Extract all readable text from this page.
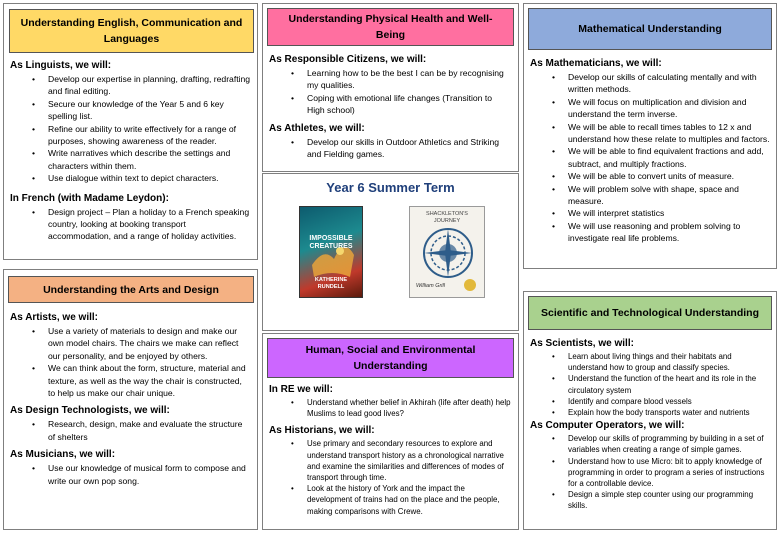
Understanding English, Communication and Languages
As Linguists, we will:
• Develop our expertise in planning, drafting, redrafting and final editing.
• Secure our knowledge of the Year 5 and 6 key spelling list.
• Refine our ability to write effectively for a range of purposes, showing awareness of the reader.
• Write narratives which describe the settings and characters within them.
• Use dialogue within text to depict characters.
In French (with Madame Leydon):
• Design project – Plan a holiday to a French speaking country, looking at booking transport accommodation, and a range of holiday activities.
Understanding Physical Health and Well-Being
As Responsible Citizens, we will:
• Learning how to be the best I can be by recognising my qualities.
• Coping with emotional life changes (Transition to High school)
As Athletes, we will:
• Develop our skills in Outdoor Athletics and Striking and Fielding games.
Year 6 Summer Term
IMPOSSIBLE CREATURES
KATHERINE RUNDELL
SHACKLETON'S JOURNEY
William Grill
Mathematical Understanding
As Mathematicians, we will:
• Develop our skills of calculating mentally and with written methods.
• We will focus on multiplication and division and understand the term inverse.
• We will be able to recall times tables to 12 x and understand how these relate to multiples and factors.
• We will be able to find equivalent fractions and add, subtract, and multiply fractions.
• We will be able to convert units of measure.
• We will problem solve with shape, space and measure.
• We will interpret statistics
• We will use reasoning and problem solving to investigate real life problems.
Understanding the Arts and Design
As Artists, we will:
• Use a variety of materials to design and make our own model chairs. The chairs we make can reflect our personality, and be enjoyed by others.
• We can think about the form, structure, material and texture, as well as the way the chair is constructed, to help us make our chair unique.
As Design Technologists, we will:
• Research, design, make and evaluate the structure of shelters
As Musicians, we will:
• Use our knowledge of musical form to compose and write our own pop song.
Human, Social and Environmental Understanding
In RE we will:
• Understand whether belief in Akhirah (life after death) help Muslims to lead good lives?
As Historians, we will:
• Use primary and secondary resources to explore and understand transport history as a chronological narrative and examine the similarities and differences of modes of transport through time.
• Look at the history of York and the impact the development of trains had on the place and the people, making comparisons with Crewe.
Scientific and Technological Understanding
As Scientists, we will:
• Learn about living things and their habitats and understand how to group and classify species.
• Understand the function of the heart and its role in the circulatory system
• Identify and compare blood vessels
• Explain how the body transports water and nutrients
As Computer Operators, we will:
• Develop our skills of programming by building in a set of variables when creating a range of simple games.
• Understand how to use Micro: bit to apply knowledge of programming in order to program a series of instructions for a controllable device.
• Design a simple step counter using our programming skills.
